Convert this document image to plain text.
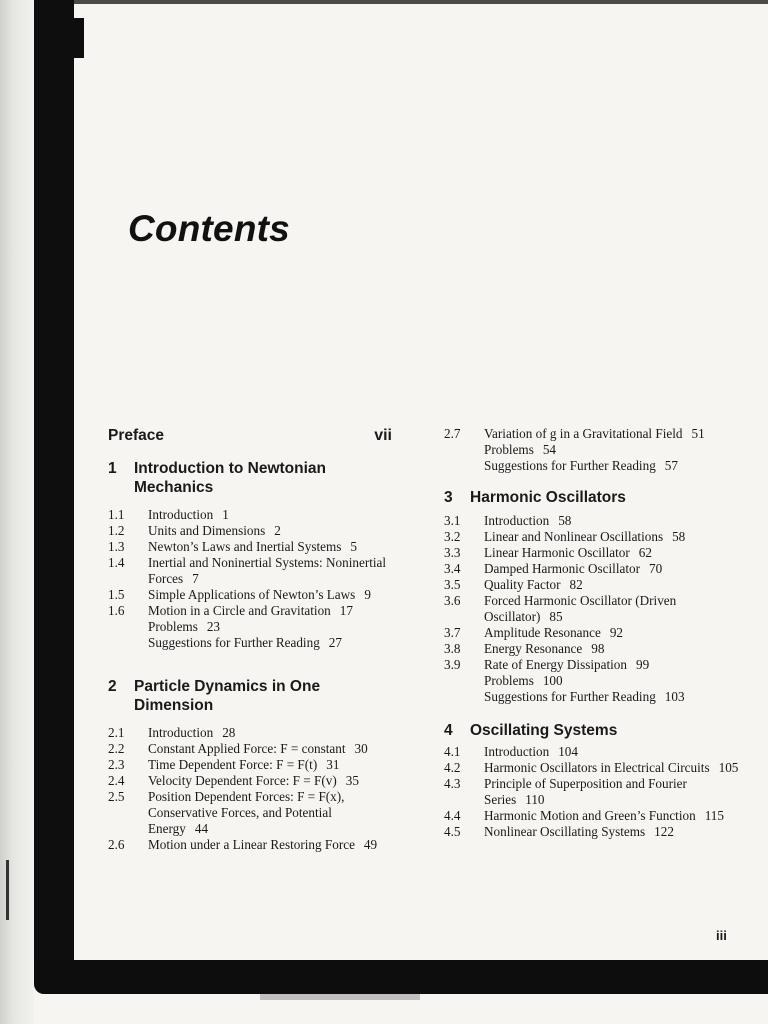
Contents
Preface	vii
1	Introduction to Newtonian Mechanics
1.1	Introduction 1
1.2	Units and Dimensions 2
1.3	Newton’s Laws and Inertial Systems 5
1.4	Inertial and Noninertial Systems: Noninertial Forces 7
1.5	Simple Applications of Newton’s Laws 9
1.6	Motion in a Circle and Gravitation 17
Problems 23
Suggestions for Further Reading 27
2	Particle Dynamics in One Dimension
2.1	Introduction 28
2.2	Constant Applied Force: F = constant 30
2.3	Time Dependent Force: F = F(t) 31
2.4	Velocity Dependent Force: F = F(v) 35
2.5	Position Dependent Forces: F = F(x), Conservative Forces, and Potential Energy 44
2.6	Motion under a Linear Restoring Force 49
2.7	Variation of g in a Gravitational Field 51
Problems 54
Suggestions for Further Reading 57
3	Harmonic Oscillators
3.1	Introduction 58
3.2	Linear and Nonlinear Oscillations 58
3.3	Linear Harmonic Oscillator 62
3.4	Damped Harmonic Oscillator 70
3.5	Quality Factor 82
3.6	Forced Harmonic Oscillator (Driven Oscillator) 85
3.7	Amplitude Resonance 92
3.8	Energy Resonance 98
3.9	Rate of Energy Dissipation 99
Problems 100
Suggestions for Further Reading 103
4	Oscillating Systems
4.1	Introduction 104
4.2	Harmonic Oscillators in Electrical Circuits 105
4.3	Principle of Superposition and Fourier Series 110
4.4	Harmonic Motion and Green’s Function 115
4.5	Nonlinear Oscillating Systems 122
iii
